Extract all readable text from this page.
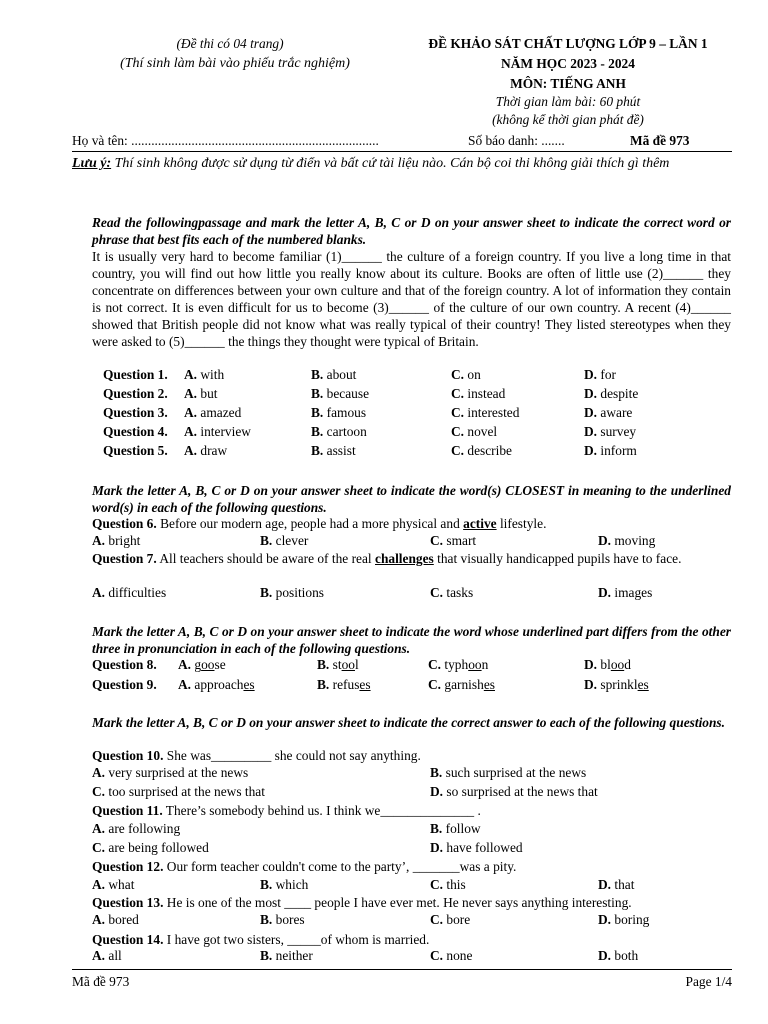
(Đề thi có 04 trang)
(Thí sinh làm bài vào phiếu trắc nghiệm)
ĐỀ KHẢO SÁT CHẤT LƯỢNG LỚP 9 – LẦN 1
NĂM HỌC 2023 - 2024
MÔN: TIẾNG ANH
Thời gian làm bài: 60 phút
(không kể thời gian phát đề)
Họ và tên: ..........................................................................	Số báo danh: .......	Mã đề 973
Lưu ý: Thí sinh không được sử dụng từ điển và bất cứ tài liệu nào. Cán bộ coi thi không giải thích gì thêm

Read the followingpassage and mark the letter A, B, C or D on your answer sheet to indicate the correct word or phrase that best fits each of the numbered blanks.

It is usually very hard to become familiar (1)______ the culture of a foreign country. If you live a long time in that country, you will find out how little you really know about its culture. Books are often of little use (2)______ they concentrate on differences between your own culture and that of the foreign country. A lot of information they contain is not correct. It is even difficult for us to become (3)______ of the culture of our own country. A recent (4)______ showed that British people did not know what was really typical of their country! They listed stereotypes when they were asked to (5)______ the things they thought were typical of Britain.

Question 1. A. with	B. about	C. on	D. for
Question 2. A. but	B. because	C. instead	D. despite
Question 3. A. amazed	B. famous	C. interested	D. aware
Question 4. A. interview	B. cartoon	C. novel	D. survey
Question 5. A. draw	B. assist	C. describe	D. inform

Mark the letter A, B, C or D on your answer sheet to indicate the word(s) CLOSEST in meaning to the underlined word(s) in each of the following questions.

Question 6. Before our modern age, people had a more physical and active lifestyle.

A. bright	B. clever	C. smart	D. moving

Question 7. All teachers should be aware of the real challenges that visually handicapped pupils have to face.

A. difficulties	B. positions	C. tasks	D. images

Mark the letter A, B, C or D on your answer sheet to indicate the word whose underlined part differs from the other three in pronunciation in each of the following questions.

Question 8. A. goose	B. stool	C. typhoon	D. blood
Question 9. A. approaches	B. refuses	C. garnishes	D. sprinkles

Mark the letter A, B, C or D on your answer sheet to indicate the correct answer to each of the following questions.

Question 10. She was_________ she could not say anything.

A. very surprised at the news	B. such surprised at the news
C. too surprised at the news that	D. so surprised at the news that

Question 11. There’s somebody behind us. I think we______________ .

A. are following	B. follow
C. are being followed	D. have followed

Question 12. Our form teacher couldn't come to the party’, _______was a pity.

A. what	B. which	C. this	D. that

Question 13. He is one of the most ____ people I have ever met. He never says anything interesting.

A. bored	B. bores	C. bore	D. boring

Question 14. I have got two sisters, _____of whom is married.

A. all	B. neither	C. none	D. both
Mã đề 973	Page 1/4
